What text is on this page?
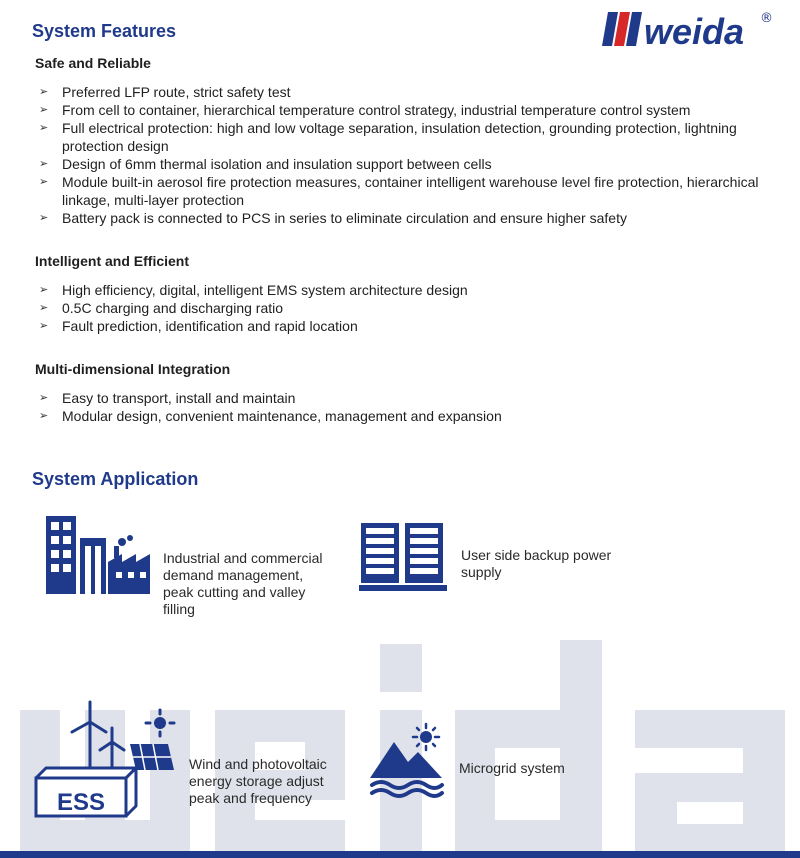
weida ®
System Features
Safe and Reliable
➢ Preferred LFP route, strict safety test
➢ From cell to container, hierarchical temperature control strategy, industrial temperature control system
➢ Full electrical protection: high and low voltage separation, insulation detection, grounding protection, lightning protection design
➢ Design of 6mm thermal isolation and insulation support between cells
➢ Module built-in aerosol fire protection measures, container intelligent warehouse level fire protection, hierarchical linkage, multi-layer protection
➢ Battery pack is connected to PCS in series to eliminate circulation and ensure higher safety
Intelligent and Efficient
➢ High efficiency, digital, intelligent EMS system architecture design
➢ 0.5C charging and discharging ratio
➢ Fault prediction, identification and rapid location
Multi-dimensional Integration
➢ Easy to transport, install and maintain
➢ Modular design, convenient maintenance, management and expansion
System Application
Industrial and commercial
demand management,
peak cutting and valley
filling
User side backup power
supply
ESS
Wind and photovoltaic
energy storage adjust
peak and frequency
Microgrid system
